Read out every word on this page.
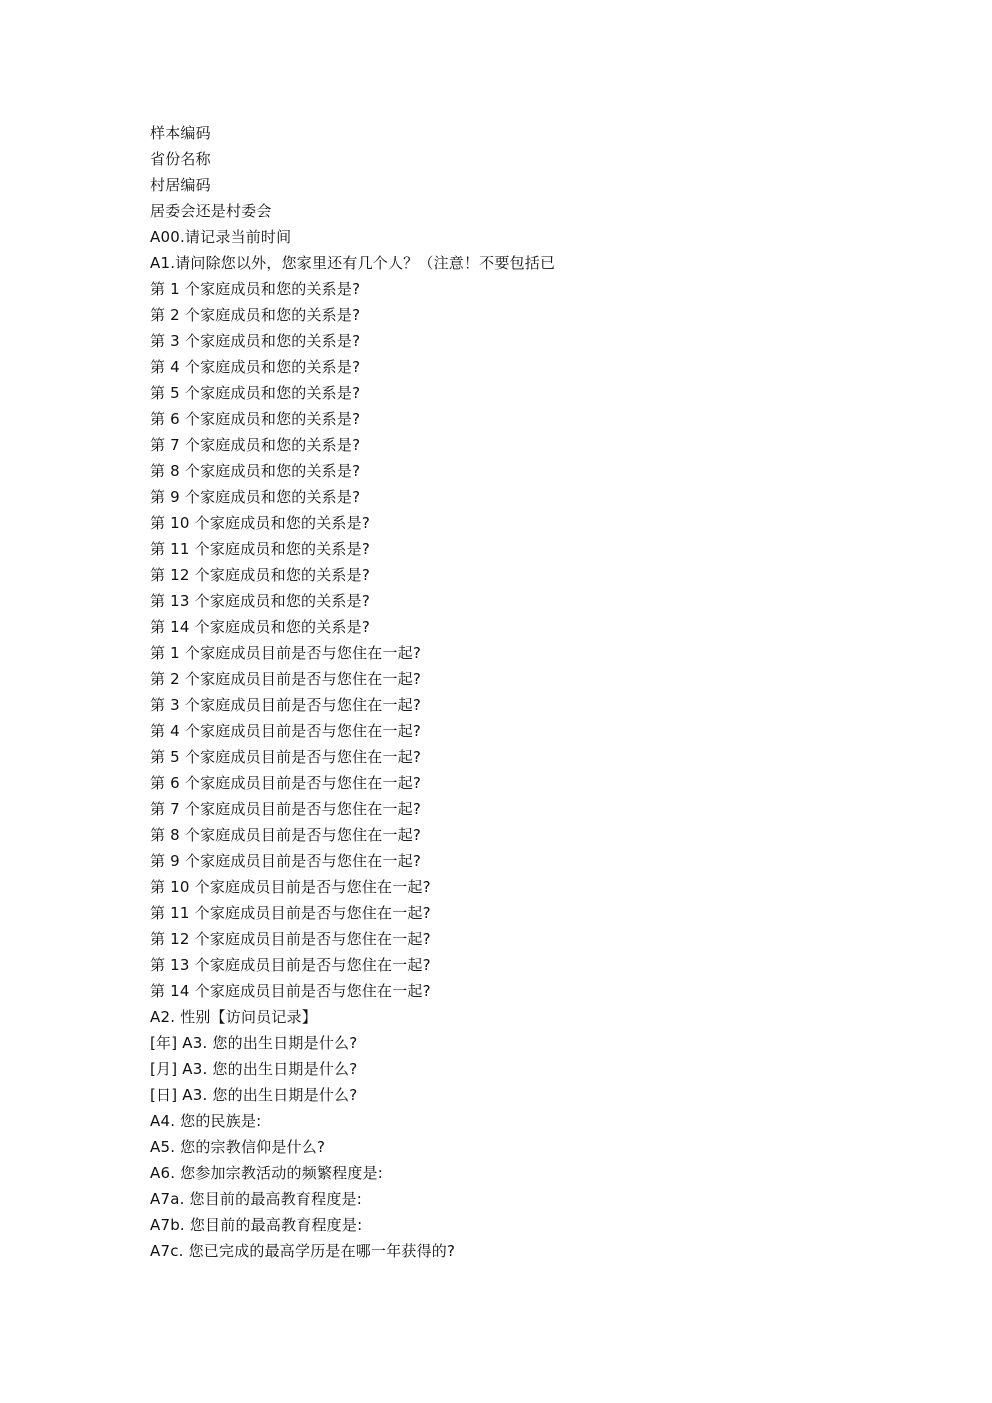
样本编码
省份名称
村居编码
居委会还是村委会
A00.请记录当前时间
A1.请问除您以外，您家里还有几个人？（注意！不要包括已
第 1 个家庭成员和您的关系是?
第 2 个家庭成员和您的关系是?
第 3 个家庭成员和您的关系是?
第 4 个家庭成员和您的关系是?
第 5 个家庭成员和您的关系是?
第 6 个家庭成员和您的关系是?
第 7 个家庭成员和您的关系是?
第 8 个家庭成员和您的关系是?
第 9 个家庭成员和您的关系是?
第 10 个家庭成员和您的关系是?
第 11 个家庭成员和您的关系是?
第 12 个家庭成员和您的关系是?
第 13 个家庭成员和您的关系是?
第 14 个家庭成员和您的关系是?
第 1 个家庭成员目前是否与您住在一起?
第 2 个家庭成员目前是否与您住在一起?
第 3 个家庭成员目前是否与您住在一起?
第 4 个家庭成员目前是否与您住在一起?
第 5 个家庭成员目前是否与您住在一起?
第 6 个家庭成员目前是否与您住在一起?
第 7 个家庭成员目前是否与您住在一起?
第 8 个家庭成员目前是否与您住在一起?
第 9 个家庭成员目前是否与您住在一起?
第 10 个家庭成员目前是否与您住在一起?
第 11 个家庭成员目前是否与您住在一起?
第 12 个家庭成员目前是否与您住在一起?
第 13 个家庭成员目前是否与您住在一起?
第 14 个家庭成员目前是否与您住在一起?
A2. 性别【访问员记录】
[年] A3. 您的出生日期是什么?
[月] A3. 您的出生日期是什么?
[日] A3. 您的出生日期是什么?
A4. 您的民族是:
A5. 您的宗教信仰是什么?
A6. 您参加宗教活动的频繁程度是:
A7a. 您目前的最高教育程度是:
A7b. 您目前的最高教育程度是:
A7c. 您已完成的最高学历是在哪一年获得的?
